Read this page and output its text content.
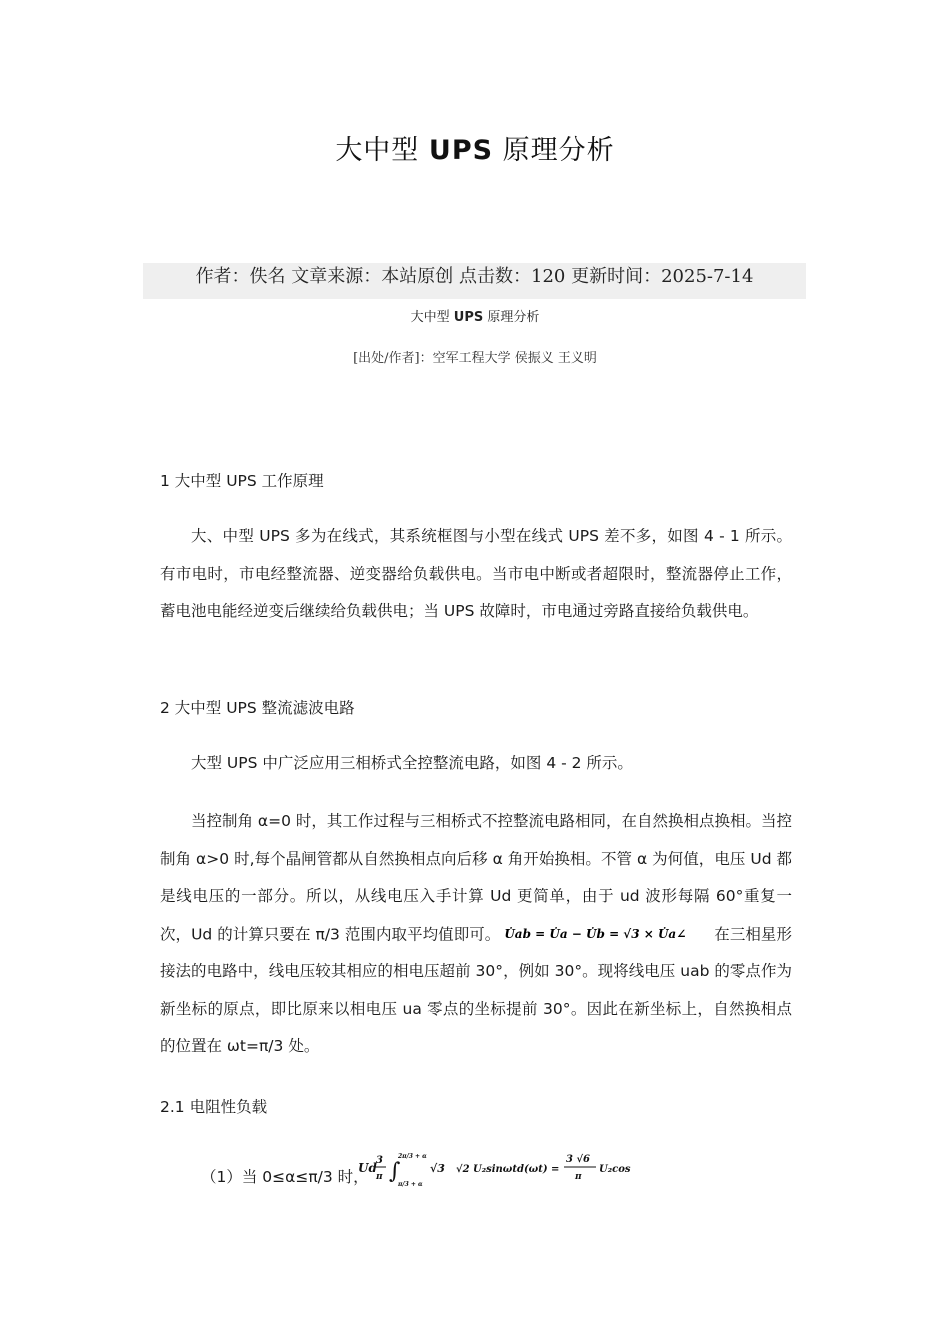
大中型 UPS 原理分析
作者：佚名 文章来源：本站原创 点击数：120 更新时间：2025-7-14
大中型 UPS 原理分析
[出处/作者]：空军工程大学 侯振义 王义明
1 大中型 UPS 工作原理

大、中型 UPS 多为在线式，其系统框图与小型在线式 UPS 差不多，如图 4 - 1 所示。有市电时，市电经整流器、逆变器给负载供电。当市电中断或者超限时，整流器停止工作，蓄电池电能经逆变后继续给负载供电；当 UPS 故障时，市电通过旁路直接给负载供电。

2 大中型 UPS 整流滤波电路

大型 UPS 中广泛应用三相桥式全控整流电路，如图 4 - 2 所示。

当控制角 α=0 时，其工作过程与三相桥式不控整流电路相同，在自然换相点换相。当控制角 α>0 时,每个晶闸管都从自然换相点向后移 α 角开始换相。不管 α 为何值，电压 Ud 都是线电压的一部分。所以，从线电压入手计算 Ud 更简单，由于 ud 波形每隔 60°重复一次，Ud 的计算只要在 π/3 范围内取平均值即可。 U̇ab = U̇a − U̇b = √3 × U̇a∠ 在三相星形接法的电路中，线电压较其相应的相电压超前 30°，例如 30°。现将线电压 uab 的零点作为新坐标的原点，即比原来以相电压 ua 零点的坐标提前 30°。因此在新坐标上，自然换相点的位置在 ωt=π/3 处。

2.1 电阻性负载
（1）当 0≤α≤π/3 时，
Ud
3
π ∫
2π/3 + α
π/3 + α
√3 √2 U₂sinωtd(ωt) =
3 √6
π
U₂cos
